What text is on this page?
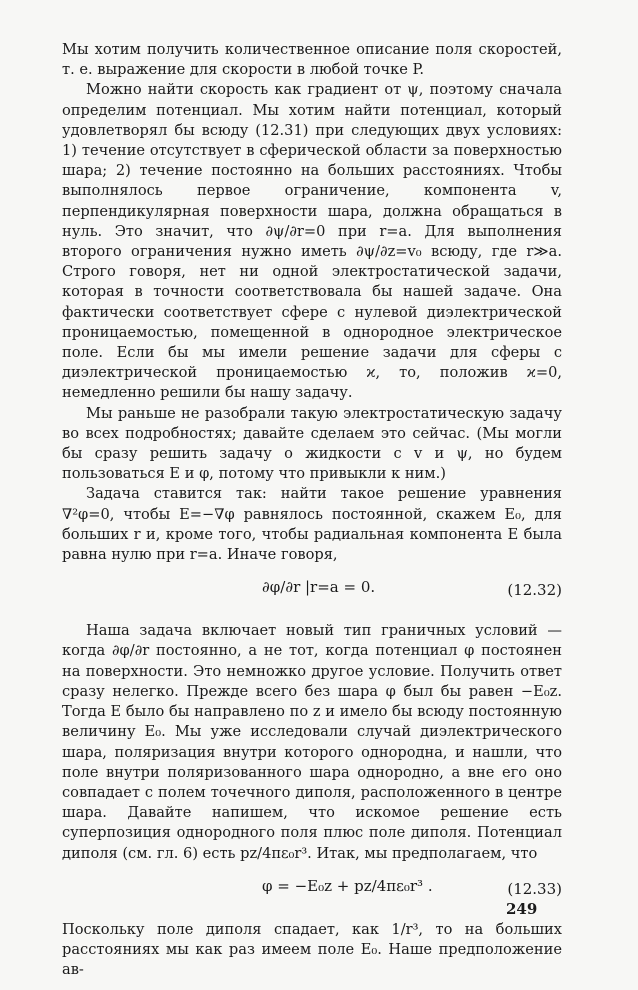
Мы хотим получить количественное описание поля скоростей, т. е. выражение для скорости в любой точке P.

Можно найти скорость как градиент от ψ, поэтому сначала определим потенциал. Мы хотим найти потенциал, который удовлетворял бы всюду (12.31) при следующих двух условиях: 1) течение отсутствует в сферической области за поверхностью шара; 2) течение постоянно на больших расстояниях. Чтобы выполнялось первое ограничение, компонента v, перпендикулярная поверхности шара, должна обращаться в нуль. Это значит, что ∂ψ/∂r=0 при r=a. Для выполнения второго ограничения нужно иметь ∂ψ/∂z=v₀ всюду, где r≫a. Строго говоря, нет ни одной электростатической задачи, которая в точности соответствовала бы нашей задаче. Она фактически соответствует сфере с нулевой диэлектрической проницаемостью, помещенной в однородное электрическое поле. Если бы мы имели решение задачи для сферы с диэлектрической проницаемостью ϰ, то, положив ϰ=0, немедленно решили бы нашу задачу.

Мы раньше не разобрали такую электростатическую задачу во всех подробностях; давайте сделаем это сейчас. (Мы могли бы сразу решить задачу о жидкости с v и ψ, но будем пользоваться E и φ, потому что привыкли к ним.)

Задача ставится так: найти такое решение уравнения ∇²φ=0, чтобы E=−∇φ равнялось постоянной, скажем E₀, для больших r и, кроме того, чтобы радиальная компонента E была равна нулю при r=a. Иначе говоря,

∂φ/∂r |r=a = 0.	(12.32)

Наша задача включает новый тип граничных условий — когда ∂φ/∂r постоянно, а не тот, когда потенциал φ постоянен на поверхности. Это немножко другое условие. Получить ответ сразу нелегко. Прежде всего без шара φ был бы равен −E₀z. Тогда E было бы направлено по z и имело бы всюду постоянную величину E₀. Мы уже исследовали случай диэлектрического шара, поляризация внутри которого однородна, и нашли, что поле внутри поляризованного шара однородно, а вне его оно совпадает с полем точечного диполя, расположенного в центре шара. Давайте напишем, что искомое решение есть суперпозиция однородного поля плюс поле диполя. Потенциал диполя (см. гл. 6) есть pz/4πε₀r³. Итак, мы предполагаем, что

φ = −E₀z + pz/4πε₀r³ .	(12.33)

Поскольку поле диполя спадает, как 1/r³, то на больших расстояниях мы как раз имеем поле E₀. Наше предположение ав-

249
